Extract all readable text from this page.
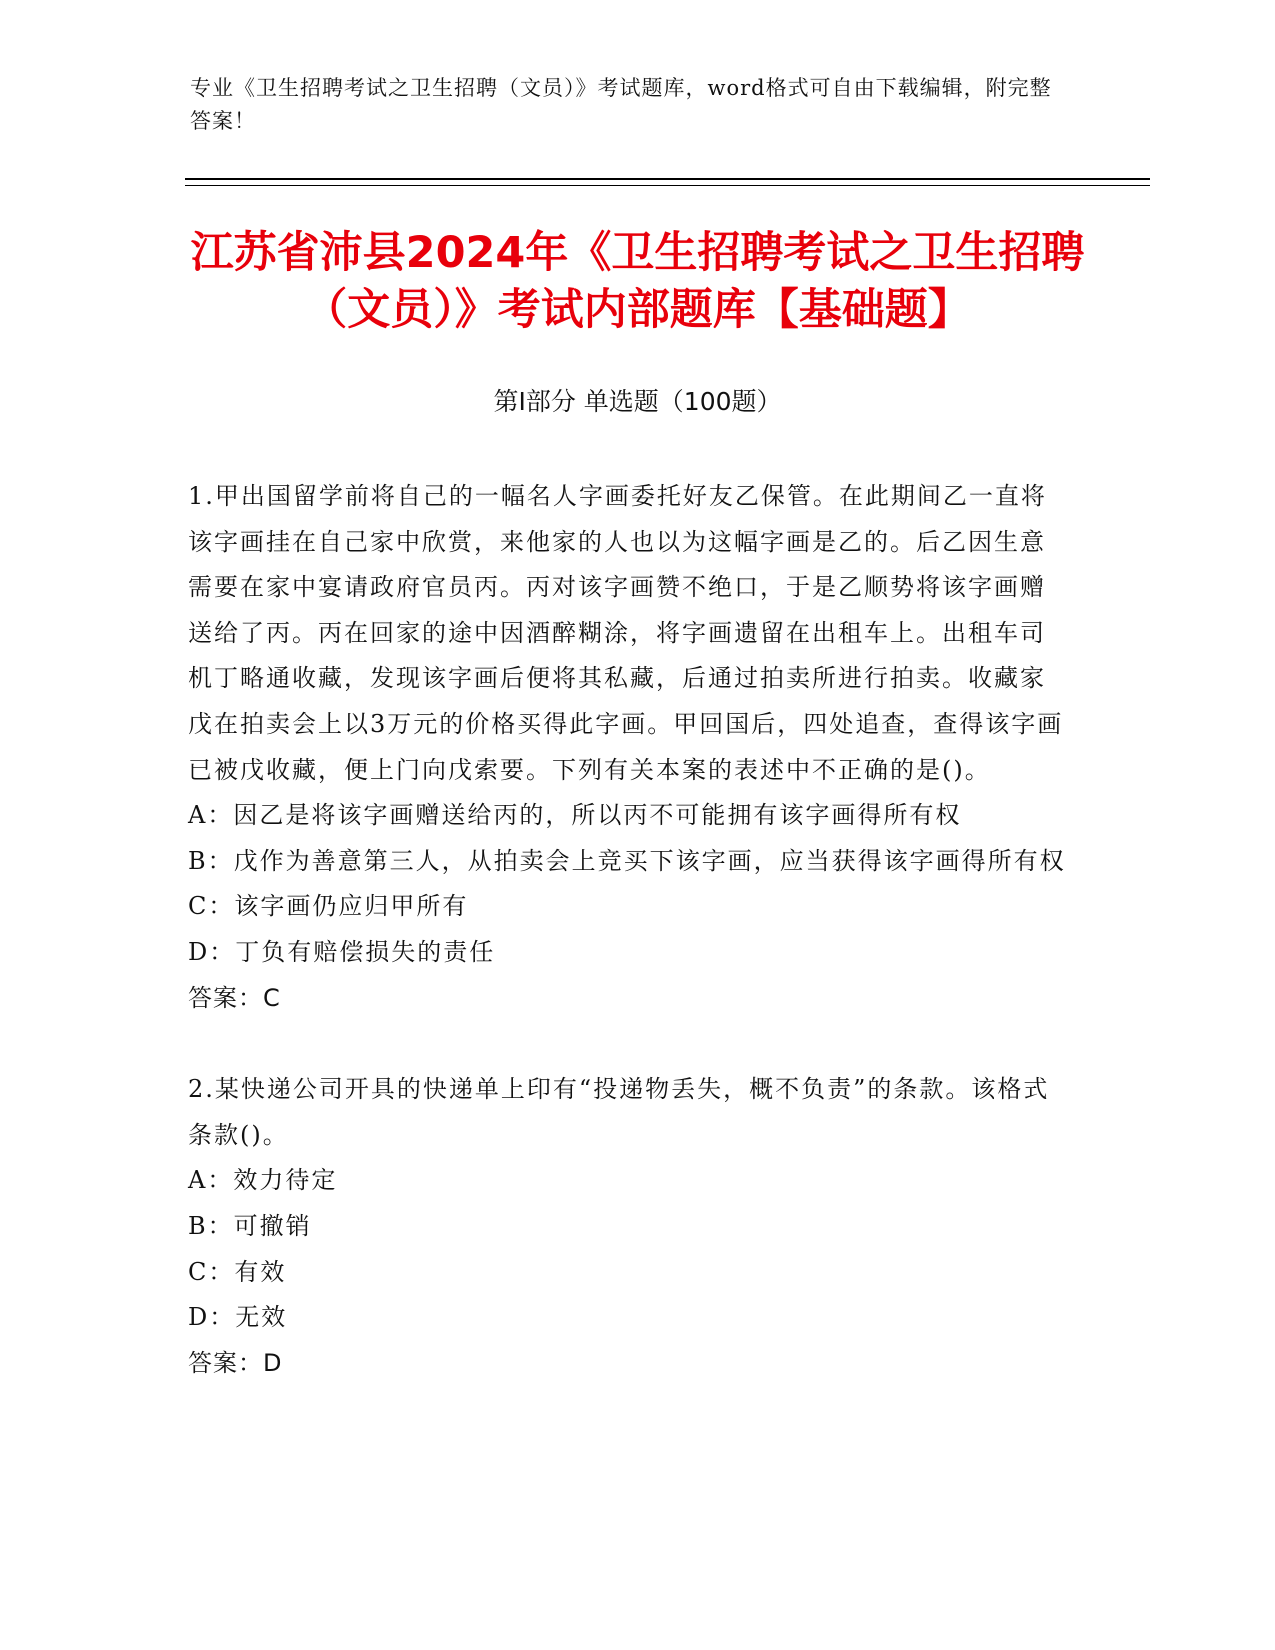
专业《卫生招聘考试之卫生招聘（文员）》考试题库，word格式可自由下载编辑，附完整答案！
江苏省沛县2024年《卫生招聘考试之卫生招聘（文员）》考试内部题库【基础题】
第Ⅰ部分 单选题（100题）

1.甲出国留学前将自己的一幅名人字画委托好友乙保管。在此期间乙一直将该字画挂在自己家中欣赏，来他家的人也以为这幅字画是乙的。后乙因生意需要在家中宴请政府官员丙。丙对该字画赞不绝口，于是乙顺势将该字画赠送给了丙。丙在回家的途中因酒醉糊涂，将字画遗留在出租车上。出租车司机丁略通收藏，发现该字画后便将其私藏，后通过拍卖所进行拍卖。收藏家戊在拍卖会上以3万元的价格买得此字画。甲回国后，四处追查，查得该字画已被戊收藏，便上门向戊索要。下列有关本案的表述中不正确的是()。

A：因乙是将该字画赠送给丙的，所以丙不可能拥有该字画得所有权

B：戊作为善意第三人，从拍卖会上竞买下该字画，应当获得该字画得所有权

C：该字画仍应归甲所有

D：丁负有赔偿损失的责任

答案：C

2.某快递公司开具的快递单上印有“投递物丢失，概不负责”的条款。该格式条款()。

A：效力待定

B：可撤销

C：有效

D：无效

答案：D
